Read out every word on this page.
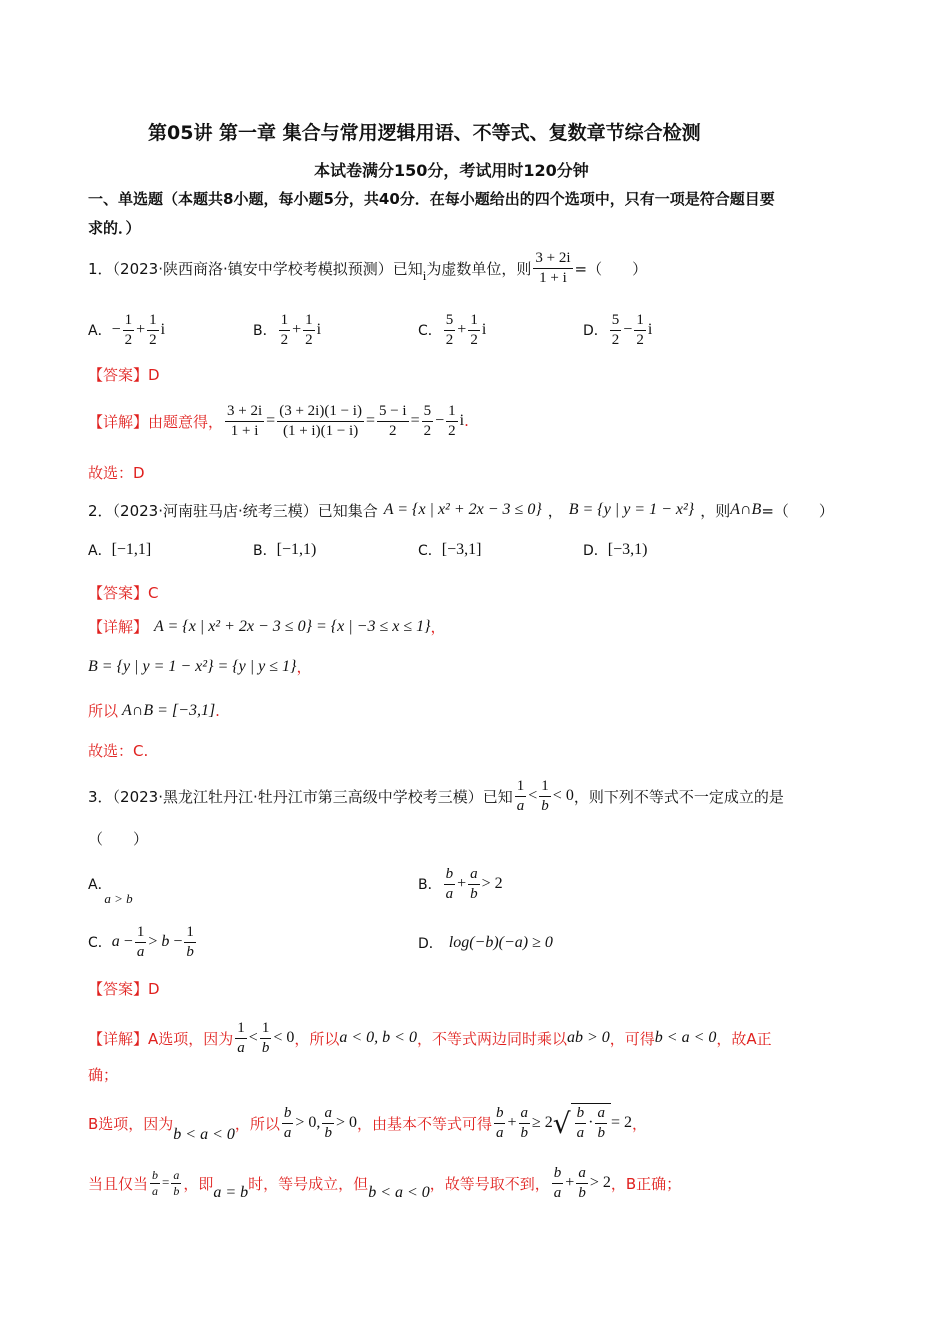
第05讲 第一章 集合与常用逻辑用语、不等式、复数章节综合检测
本试卷满分150分，考试用时120分钟
一、单选题（本题共8小题，每小题5分，共40分．在每小题给出的四个选项中，只有一项是符合题目要
求的．）
1．（2023·陕西商洛·镇安中学校考模拟预测）已知 i 为虚数单位，则 $\frac{3 + 2i}{1 + i}$ =（　　）
A． − $\frac{1}{2} + \frac{1}{2}$ i	B． $\frac{1}{2} + \frac{1}{2}$ i	C． $\frac{5}{2} + \frac{1}{2}$ i	D． $\frac{5}{2} - \frac{1}{2}$ i
【答案】D
【详解】 由题意得， $\frac{3 + 2i}{1 + i} = \frac{(3 + 2i)(1 - i)}{(1 + i)(1 - i)} = \frac{5 - i}{2} = \frac{5}{2} - \frac{1}{2}$ i .
故选：D
2．（2023·河南驻马店·统考三模）已知集合 A = {x | x² + 2x − 3 ≤ 0} ， B = {y | y = 1 − x²} ，则 A∩B =（　　）
A． [−1,1]	B． [−1,1)	C． [−3,1]	D． [−3,1)
【答案】C
【详解】 A = {x | x² + 2x − 3 ≤ 0} = {x | −3 ≤ x ≤ 1} ，
B = {y | y = 1 − x²} = {y | y ≤ 1} ，
所以 A∩B = [−3,1] .
故选：C.
3．（2023·黑龙江牡丹江·牡丹江市第三高级中学校考三模）已知 $\frac{1}{a} < \frac{1}{b} < 0$ ，则下列不等式不一定成立的是
（　　）
A． a > b
B． $\frac{b}{a} + \frac{a}{b} > 2$
C． $a - \frac{1}{a} > b - \frac{1}{b}$	D． log(−b)(−a) ≥ 0
【答案】D
【详解】 A选项，因为 $\frac{1}{a} < \frac{1}{b} < 0$ ，所以 a < 0, b < 0 ，不等式两边同时乘以 ab > 0 ，可得 b < a < 0 ，故A正
确；
B选项，因为
b < a < 0
，所以 $\frac{b}{a} > 0$, $\frac{a}{b} > 0$ ，由基本不等式可得 $\frac{b}{a} + \frac{a}{b} \ge 2√ \frac{b}{a} \cdot \frac{a}{b} = 2$ ，
当且仅当 $\frac{b}{a} = \frac{a}{b}$ ，即 a = b 时，等号成立，但 b < a < 0 ，故等号取不到， $\frac{b}{a} + \frac{a}{b} > 2$ ，B正确；
